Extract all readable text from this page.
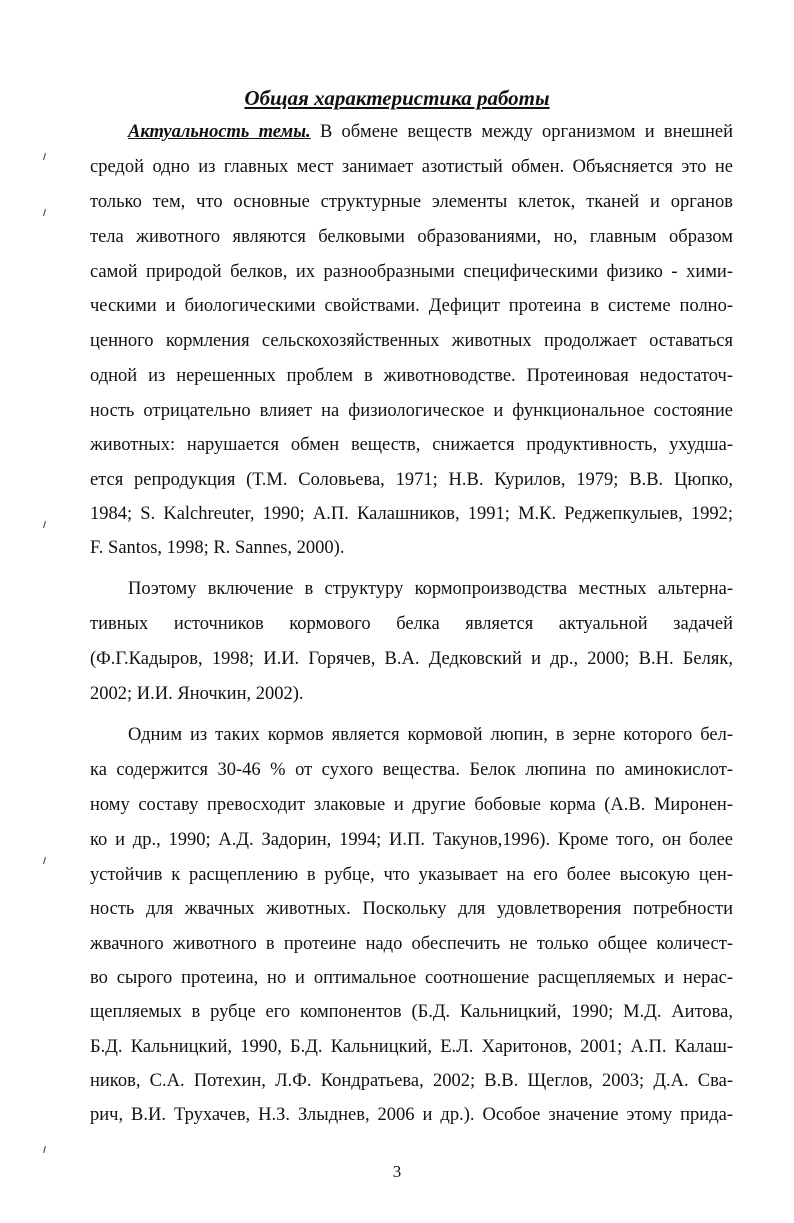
Общая характеристика работы
Актуальность темы. В обмене веществ между организмом и внешней
средой одно из главных мест занимает азотистый обмен. Объясняется это не
только тем, что основные структурные элементы клеток, тканей и органов
тела животного являются белковыми образованиями, но, главным образом
самой природой белков, их разнообразными специфическими физико - хими-
ческими и биологическими свойствами. Дефицит протеина в системе полно-
ценного кормления сельскохозяйственных животных продолжает оставаться
одной из нерешенных проблем в животноводстве. Протеиновая недостаточ-
ность отрицательно влияет на физиологическое и функциональное состояние
животных: нарушается обмен веществ, снижается продуктивность, ухудша-
ется репродукция (Т.М. Соловьева, 1971; Н.В. Курилов, 1979; В.В. Цюпко,
1984; S. Kalchreuter, 1990; А.П. Калашников, 1991; М.К. Реджепкулыев, 1992;
F. Santos, 1998; R. Sannes, 2000).
Поэтому включение в структуру кормопроизводства местных альтерна-
тивных источников кормового белка является актуальной задачей
(Ф.Г.Кадыров, 1998; И.И. Горячев, В.А. Дедковский и др., 2000; В.Н. Беляк,
2002; И.И. Яночкин, 2002).
Одним из таких кормов является кормовой люпин, в зерне которого бел-
ка содержится 30-46 % от сухого вещества. Белок люпина по аминокислот-
ному составу превосходит злаковые и другие бобовые корма (А.В. Миронен-
ко и др., 1990; А.Д. Задорин, 1994; И.П. Такунов,1996). Кроме того, он более
устойчив к расщеплению в рубце, что указывает на его более высокую цен-
ность для жвачных животных. Поскольку для удовлетворения потребности
жвачного животного в протеине надо обеспечить не только общее количест-
во сырого протеина, но и оптимальное соотношение расщепляемых и нерас-
щепляемых в рубце его компонентов (Б.Д. Кальницкий, 1990; М.Д. Аитова,
Б.Д. Кальницкий, 1990, Б.Д. Кальницкий, Е.Л. Харитонов, 2001; А.П. Калаш-
ников, С.А. Потехин, Л.Ф. Кондратьева, 2002; В.В. Щеглов, 2003; Д.А. Сва-
рич, В.И. Трухачев, Н.З. Злыднев, 2006 и др.). Особое значение этому прида-
3
